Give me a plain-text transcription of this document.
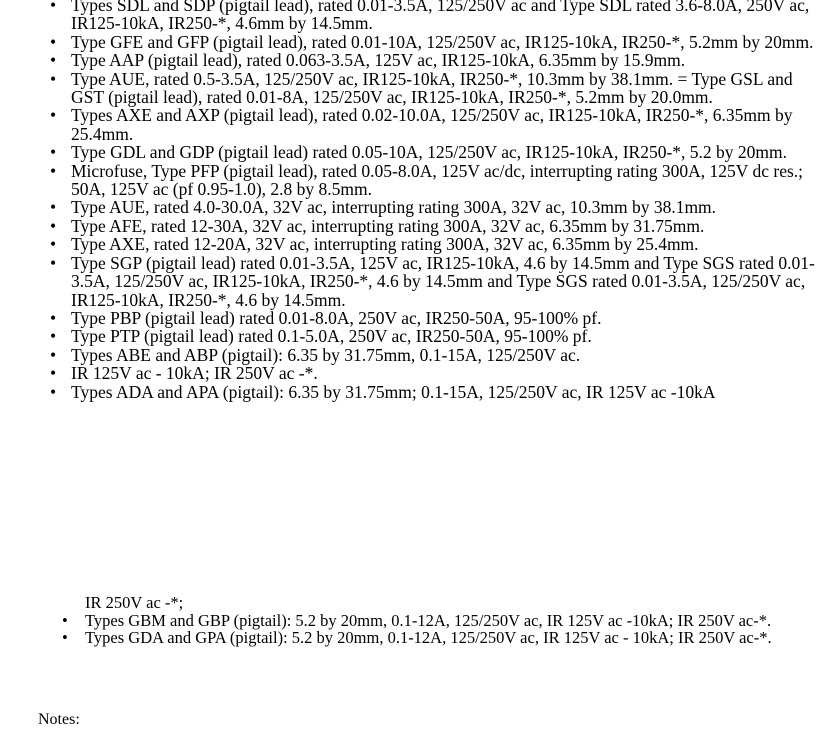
• Types SDL and SDP (pigtail lead), rated 0.01-3.5A, 125/250V ac and Type SDL rated 3.6-8.0A, 250V ac, IR125-10kA, IR250-*, 4.6mm by 14.5mm.
• Type GFE and GFP (pigtail lead), rated 0.01-10A, 125/250V ac, IR125-10kA, IR250-*, 5.2mm by 20mm.
• Type AAP (pigtail lead), rated 0.063-3.5A, 125V ac, IR125-10kA, 6.35mm by 15.9mm.
• Type AUE, rated 0.5-3.5A, 125/250V ac, IR125-10kA, IR250-*, 10.3mm by 38.1mm. = Type GSL and GST (pigtail lead), rated 0.01-8A, 125/250V ac, IR125-10kA, IR250-*, 5.2mm by 20.0mm.
• Types AXE and AXP (pigtail lead), rated 0.02-10.0A, 125/250V ac, IR125-10kA, IR250-*, 6.35mm by 25.4mm.
• Type GDL and GDP (pigtail lead) rated 0.05-10A, 125/250V ac, IR125-10kA, IR250-*, 5.2 by 20mm.
• Microfuse, Type PFP (pigtail lead), rated 0.05-8.0A, 125V ac/dc, interrupting rating 300A, 125V dc res.; 50A, 125V ac (pf 0.95-1.0), 2.8 by 8.5mm.
• Type AUE, rated 4.0-30.0A, 32V ac, interrupting rating 300A, 32V ac, 10.3mm by 38.1mm.
• Type AFE, rated 12-30A, 32V ac, interrupting rating 300A, 32V ac, 6.35mm by 31.75mm.
• Type AXE, rated 12-20A, 32V ac, interrupting rating 300A, 32V ac, 6.35mm by 25.4mm.
• Type SGP (pigtail lead) rated 0.01-3.5A, 125V ac, IR125-10kA, 4.6 by 14.5mm and Type SGS rated 0.01-3.5A, 125/250V ac, IR125-10kA, IR250-*, 4.6 by 14.5mm and Type SGS rated 0.01-3.5A, 125/250V ac, IR125-10kA, IR250-*, 4.6 by 14.5mm.
• Type PBP (pigtail lead) rated 0.01-8.0A, 250V ac, IR250-50A, 95-100% pf.
• Type PTP (pigtail lead) rated 0.1-5.0A, 250V ac, IR250-50A, 95-100% pf.
• Types ABE and ABP (pigtail): 6.35 by 31.75mm, 0.1-15A, 125/250V ac.
• IR 125V ac - 10kA; IR 250V ac -*.
• Types ADA and APA (pigtail): 6.35 by 31.75mm; 0.1-15A, 125/250V ac, IR 125V ac -10kA
IR 250V ac -*;
• Types GBM and GBP (pigtail): 5.2 by 20mm, 0.1-12A, 125/250V ac, IR 125V ac -10kA; IR 250V ac-*.
• Types GDA and GPA (pigtail): 5.2 by 20mm, 0.1-12A, 125/250V ac, IR 125V ac - 10kA; IR 250V ac-*.
Notes:
